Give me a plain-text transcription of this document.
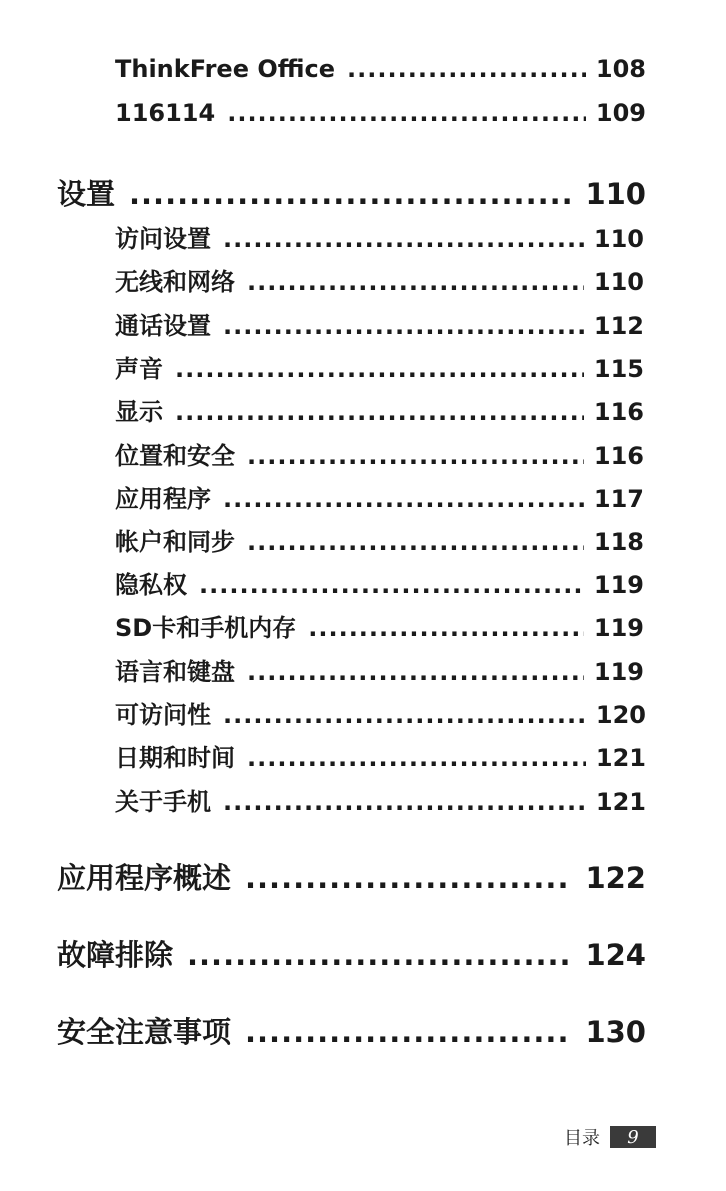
ThinkFree Office .....	108
116114 .....	109
设置 .....	110
访问设置 .....	110
无线和网络 .....	110
通话设置 .....	112
声音 .....	115
显示 .....	116
位置和安全 .....	116
应用程序 .....	117
帐户和同步 .....	118
隐私权 .....	119
SD卡和手机内存 .....	119
语言和键盘 .....	119
可访问性 .....	120
日期和时间 .....	121
关于手机 .....	121
应用程序概述 .....	122
故障排除 .....	124
安全注意事项 .....	130
目录	9
